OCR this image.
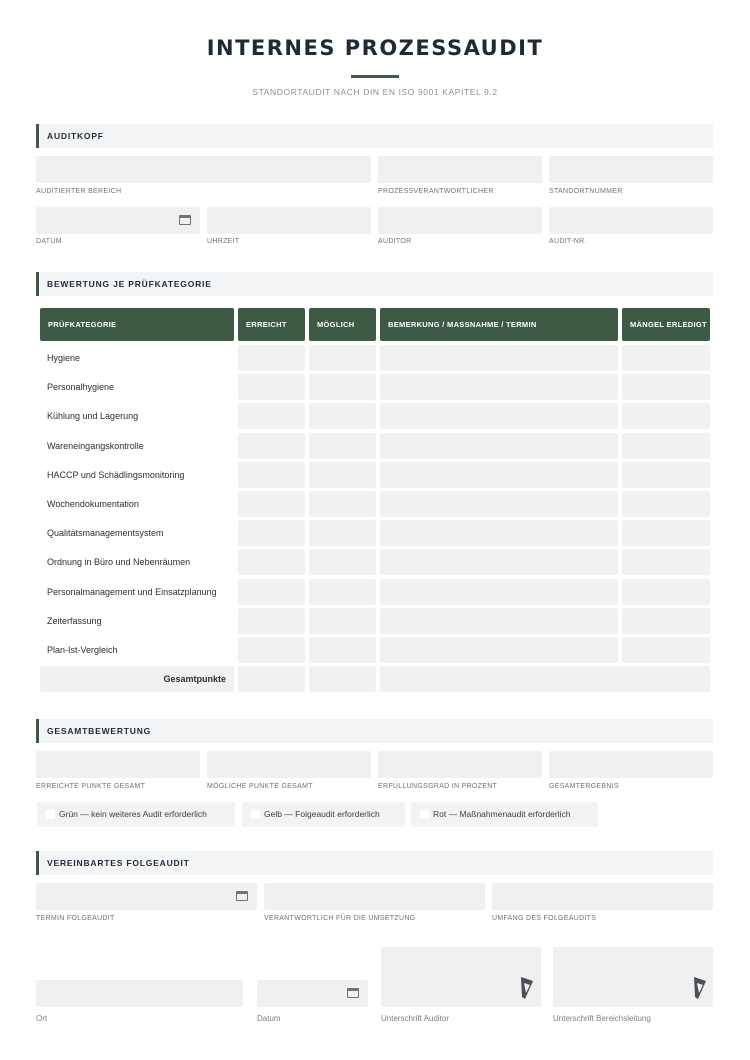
INTERNES PROZESSAUDIT
STANDORTAUDIT NACH DIN EN ISO 9001 KAPITEL 9.2
AUDITKOPF
AUDITIERTER BEREICH	PROZESSVERANTWORTLICHER	STANDORTNUMMER
DATUM	UHRZEIT	AUDITOR	AUDIT-NR.
BEWERTUNG JE PRÜFKATEGORIE
PRÜFKATEGORIE	ERREICHT	MÖGLICH	BEMERKUNG / MASSNAHME / TERMIN	MÄNGEL ERLEDIGT
Hygiene
Personalhygiene
Kühlung und Lagerung
Wareneingangskontrolle
HACCP und Schädlingsmonitoring
Wochendokumentation
Qualitätsmanagementsystem
Ordnung in Büro und Nebenräumen
Personalmanagement und Einsatzplanung
Zeiterfassung
Plan-Ist-Vergleich
Gesamtpunkte
GESAMTBEWERTUNG
ERREICHTE PUNKTE GESAMT	MÖGLICHE PUNKTE GESAMT	ERFÜLLUNGSGRAD IN PROZENT	GESAMTERGEBNIS
Grün — kein weiteres Audit erforderlich	Gelb — Folgeaudit erforderlich	Rot — Maßnahmenaudit erforderlich
VEREINBARTES FOLGEAUDIT
TERMIN FOLGEAUDIT	VERANTWORTLICH FÜR DIE UMSETZUNG	UMFANG DES FOLGEAUDITS
Ort	Datum	Unterschrift Auditor	Unterschrift Bereichsleitung
